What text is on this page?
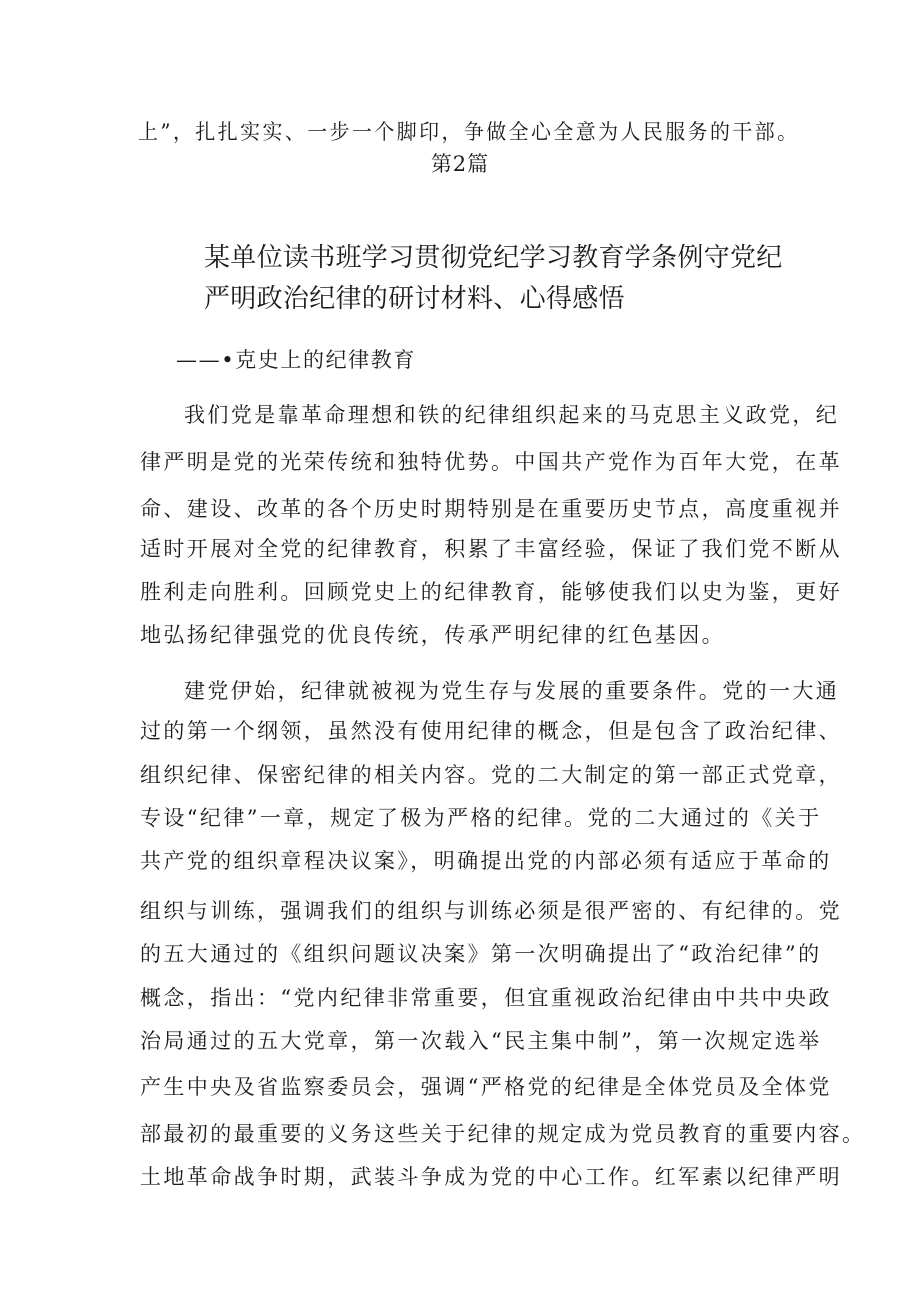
上”，扎扎实实、一步一个脚印，争做全心全意为人民服务的干部。
第2篇
某单位读书班学习贯彻党纪学习教育学条例守党纪
严明政治纪律的研讨材料、心得感悟
——•克史上的纪律教育
我们党是靠革命理想和铁的纪律组织起来的马克思主义政党，纪
律严明是党的光荣传统和独特优势。中国共产党作为百年大党，在革
命、建设、改革的各个历史时期特别是在重要历史节点，高度重视并
适时开展对全党的纪律教育，积累了丰富经验，保证了我们党不断从
胜利走向胜利。回顾党史上的纪律教育，能够使我们以史为鉴，更好
地弘扬纪律强党的优良传统，传承严明纪律的红色基因。
建党伊始，纪律就被视为党生存与发展的重要条件。党的一大通
过的第一个纲领，虽然没有使用纪律的概念，但是包含了政治纪律、
组织纪律、保密纪律的相关内容。党的二大制定的第一部正式党章，
专设“纪律”一章，规定了极为严格的纪律。党的二大通过的《关于
共产党的组织章程决议案》，明确提出党的内部必须有适应于革命的
组织与训练，强调我们的组织与训练必须是很严密的、有纪律的。党
的五大通过的《组织问题议决案》第一次明确提出了“政治纪律”的
概念，指出：“党内纪律非常重要，但宜重视政治纪律由中共中央政
治局通过的五大党章，第一次载入“民主集中制”，第一次规定选举
产生中央及省监察委员会，强调“严格党的纪律是全体党员及全体党
部最初的最重要的义务这些关于纪律的规定成为党员教育的重要内容。
土地革命战争时期，武装斗争成为党的中心工作。红军素以纪律严明
